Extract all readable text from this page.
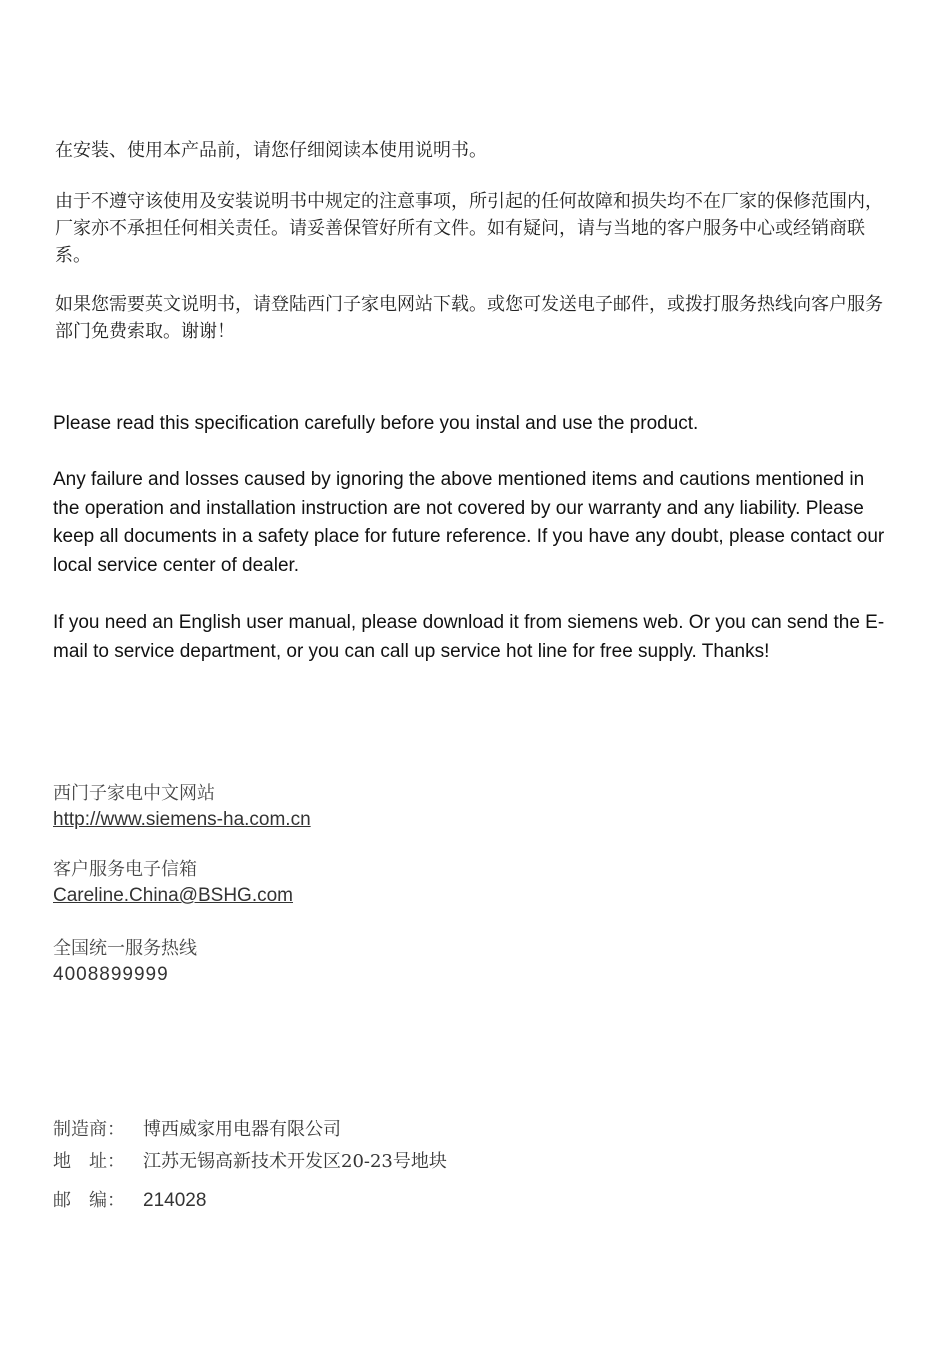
在安装、使用本产品前，请您仔细阅读本使用说明书。

由于不遵守该使用及安装说明书中规定的注意事项，所引起的任何故障和损失均不在厂家的保修范围内，厂家亦不承担任何相关责任。请妥善保管好所有文件。如有疑问，请与当地的客户服务中心或经销商联系。

如果您需要英文说明书，请登陆西门子家电网站下载。或您可发送电子邮件，或拨打服务热线向客户服务部门免费索取。谢谢！

Please read this specification carefully before you instal and use the product.

Any failure and losses caused by ignoring the above mentioned items and cautions mentioned in the operation and installation instruction are not covered by our warranty and any liability. Please keep all documents in a safety place for future reference. If you have any doubt, please contact our local service center of dealer.

If you need an English user manual, please download it from siemens web. Or you can send the E-mail to service department, or you can call up service hot line for free supply. Thanks!

西门子家电中文网站
http://www.siemens-ha.com.cn
客户服务电子信箱
Careline.China@BSHG.com
全国统一服务热线
4008899999
制造商：	博西威家用电器有限公司
地　址：	江苏无锡高新技术开发区20-23号地块
邮　编： 214028
